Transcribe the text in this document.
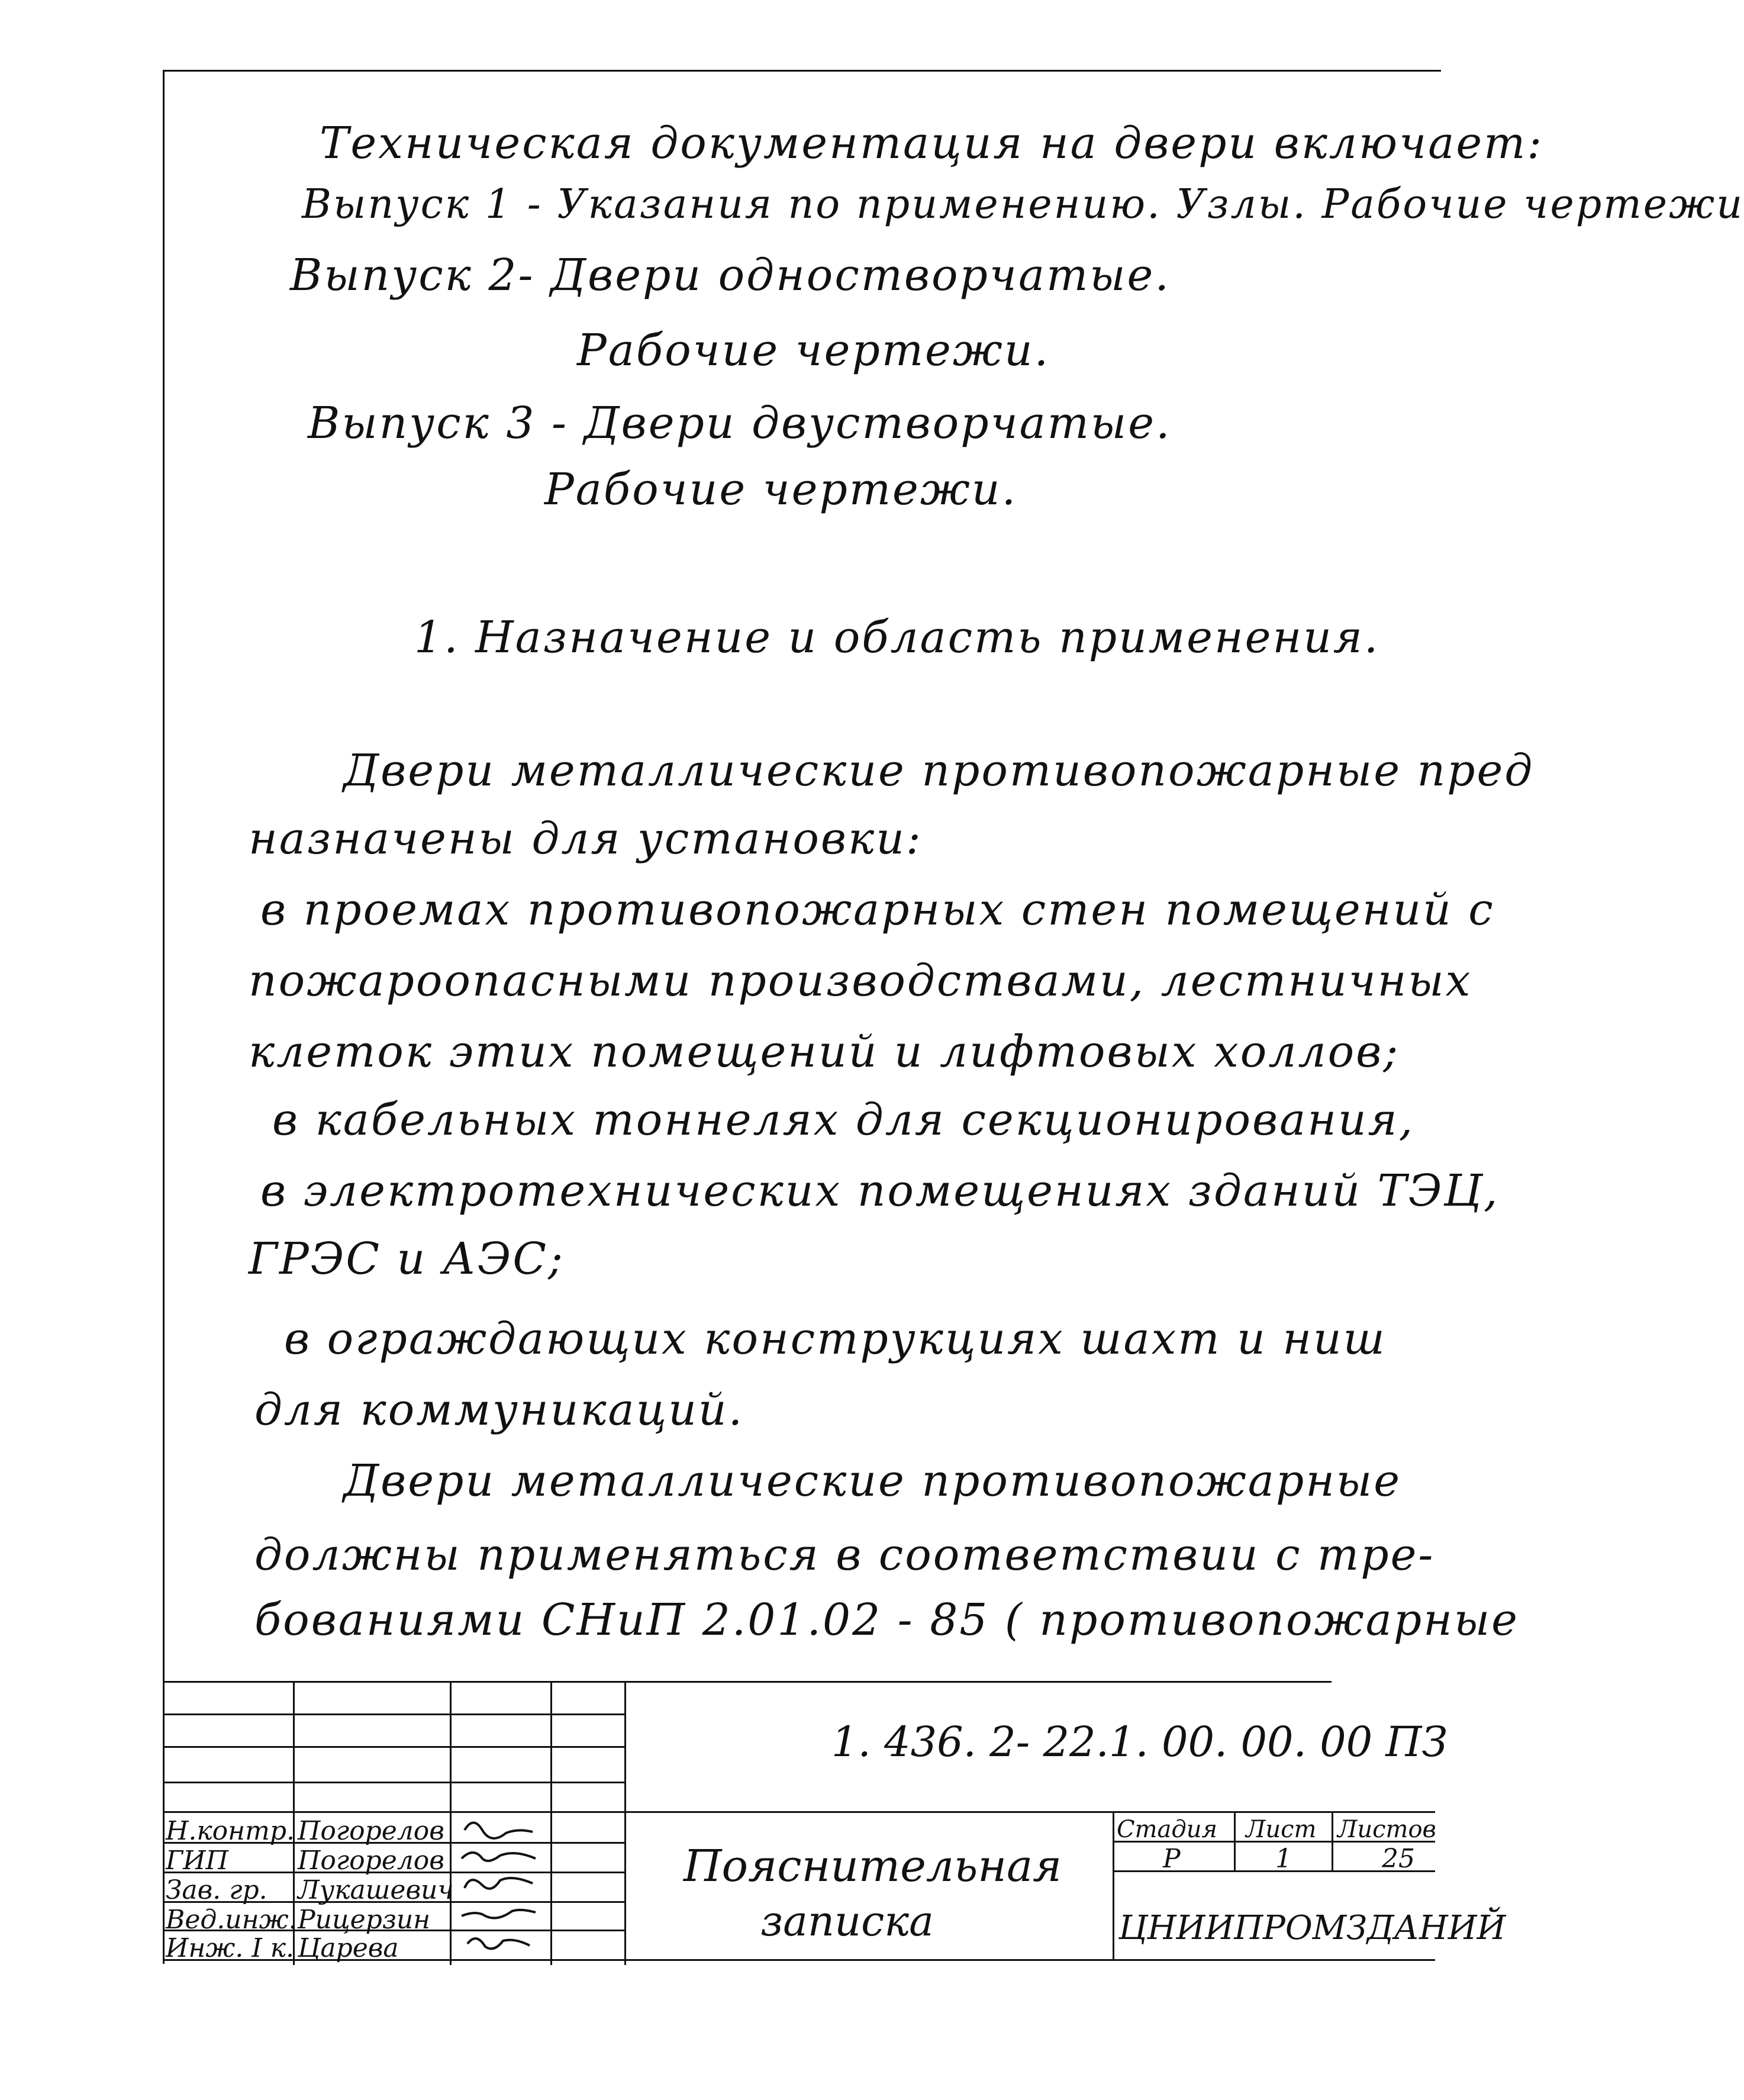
Техническая документация на двери включает:
Выпуск 1 - Указания по применению. Узлы. Рабочие чертежи
Выпуск 2- Двери одностворчатые.
Рабочие чертежи.
Выпуск 3 - Двери двустворчатые.
Рабочие чертежи.
1. Назначение и область применения.
Двери металлические противопожарные пред
назначены для установки:
в проемах противопожарных стен помещений с
пожароопасными производствами, лестничных
клеток этих помещений и лифтовых холлов;
в кабельных тоннелях для секционирования,
в электротехнических помещениях зданий ТЭЦ,
ГРЭС и АЭС;
в ограждающих конструкциях шахт и ниш
для коммуникаций.
Двери металлические противопожарные
должны применяться в соответствии с тре-
бованиями СНиП 2.01.02 - 85 ( противопожарные
1. 436. 2- 22.1. 00. 00. 00 ПЗ
Н.контр. Погорелов
ГИП	Погорелов
Зав. гр. Лукашевич
Вед.инж. Рицерзин
Инж. I к. Царева
Пояснительная
записка
Стадия Лист Листов
Р	1	25
ЦНИИПРОМЗДАНИЙ
